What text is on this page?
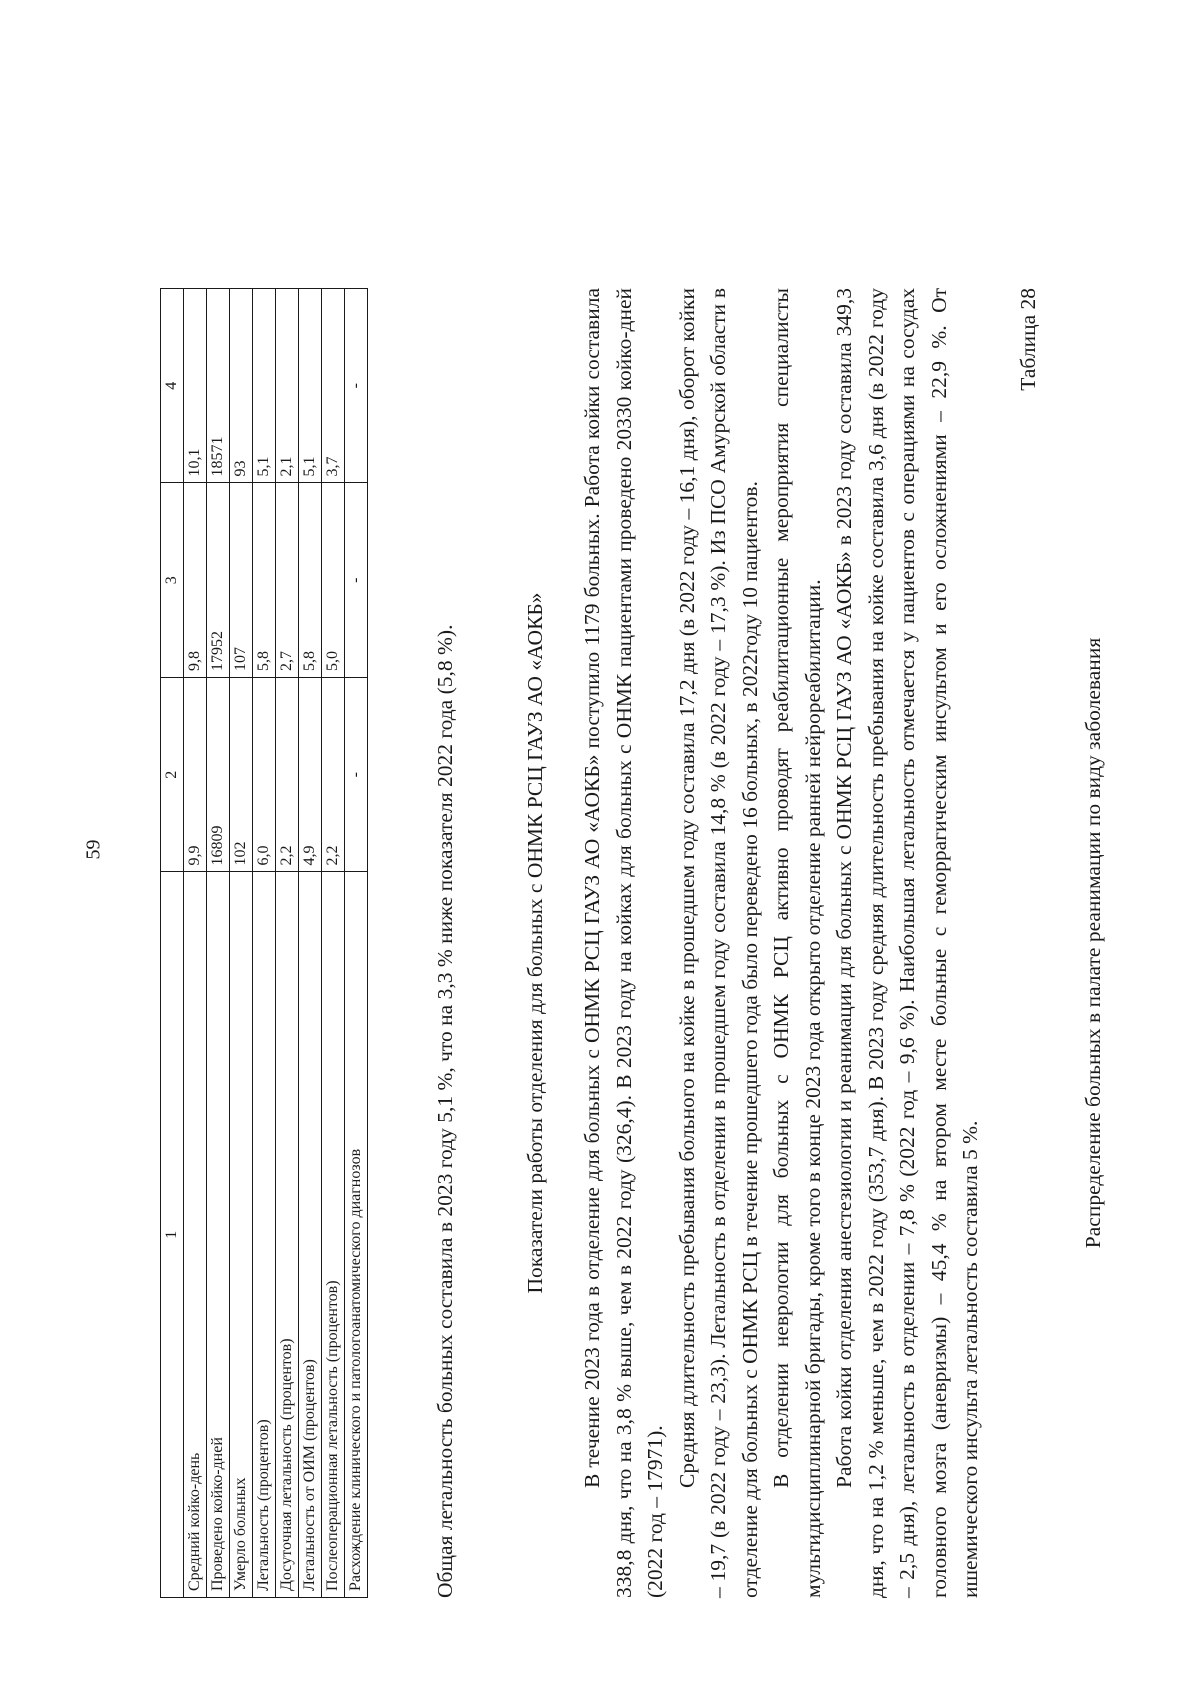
59
1	2	3	4
Средний койко-день	9,9	9,8	10,1
Проведено койко-дней	16809	17952	18571
Умерло больных	102	107	93
Летальность (процентов)	6,0	5,8	5,1
Досуточная летальность (процентов)	2,2	2,7	2,1
Летальность от ОИМ (процентов)	4,9	5,8	5,1
Послеоперационная летальность (процентов)	2,2	5,0	3,7
Расхождение клинического и патологоанатомического диагнозов	-	-	-
Общая летальность больных составила в 2023 году 5,1 %, что на 3,3 % ниже показателя 2022 года (5,8 %).	Показатели работы отделения для больных с ОНМК РСЦ ГАУЗ АО «АОКБ» В течение 2023 года в отделение для больных с ОНМК РСЦ ГАУЗ АО «АОКБ» поступило 1179 больных. Работа койки составила 338,8 дня, что на 3,8 % выше, чем в 2022 году (326,4). В 2023 году на койках для больных с ОНМК пациентами проведено 20330 койко-дней (2022 год – 17971).

Средняя длительность пребывания больного на койке в прошедшем году составила 17,2 дня (в 2022 году – 16,1 дня), оборот койки – 19,7 (в 2022 году – 23,3). Летальность в отделении в прошедшем году составила 14,8 % (в 2022 году – 17,3 %). Из ПСО Амурской области в отделение для больных с ОНМК РСЦ в течение прошедшего года было переведено 16 больных, в 2022году 10 пациентов. В отделении неврологии для больных с ОНМК РСЦ активно проводят реабилитационные мероприятия специалисты мультидисциплинарной бригады, кроме того в конце 2023 года открыто отделение ранней нейрореабилитации. Работа койки отделения анестезиологии и реанимации для больных с ОНМК РСЦ ГАУЗ АО «АОКБ» в 2023 году составила 349,3 дня, что на 1,2 % меньше, чем в 2022 году (353,7 дня). В 2023 году средняя длительность пребывания на койке составила 3,6 дня (в 2022 году – 2,5 дня), летальность в отделении – 7,8 % (2022 год – 9,6 %). Наибольшая летальность отмечается у пациентов с операциями на сосудах головного мозга (аневризмы) – 45,4 % на втором месте больные с геморрагическим инсультом и его осложнениями – 22,9 %. От ишемического инсульта летальность составила 5 %.

Таблица 28
Распределение больных в палате реанимации по виду заболевания
